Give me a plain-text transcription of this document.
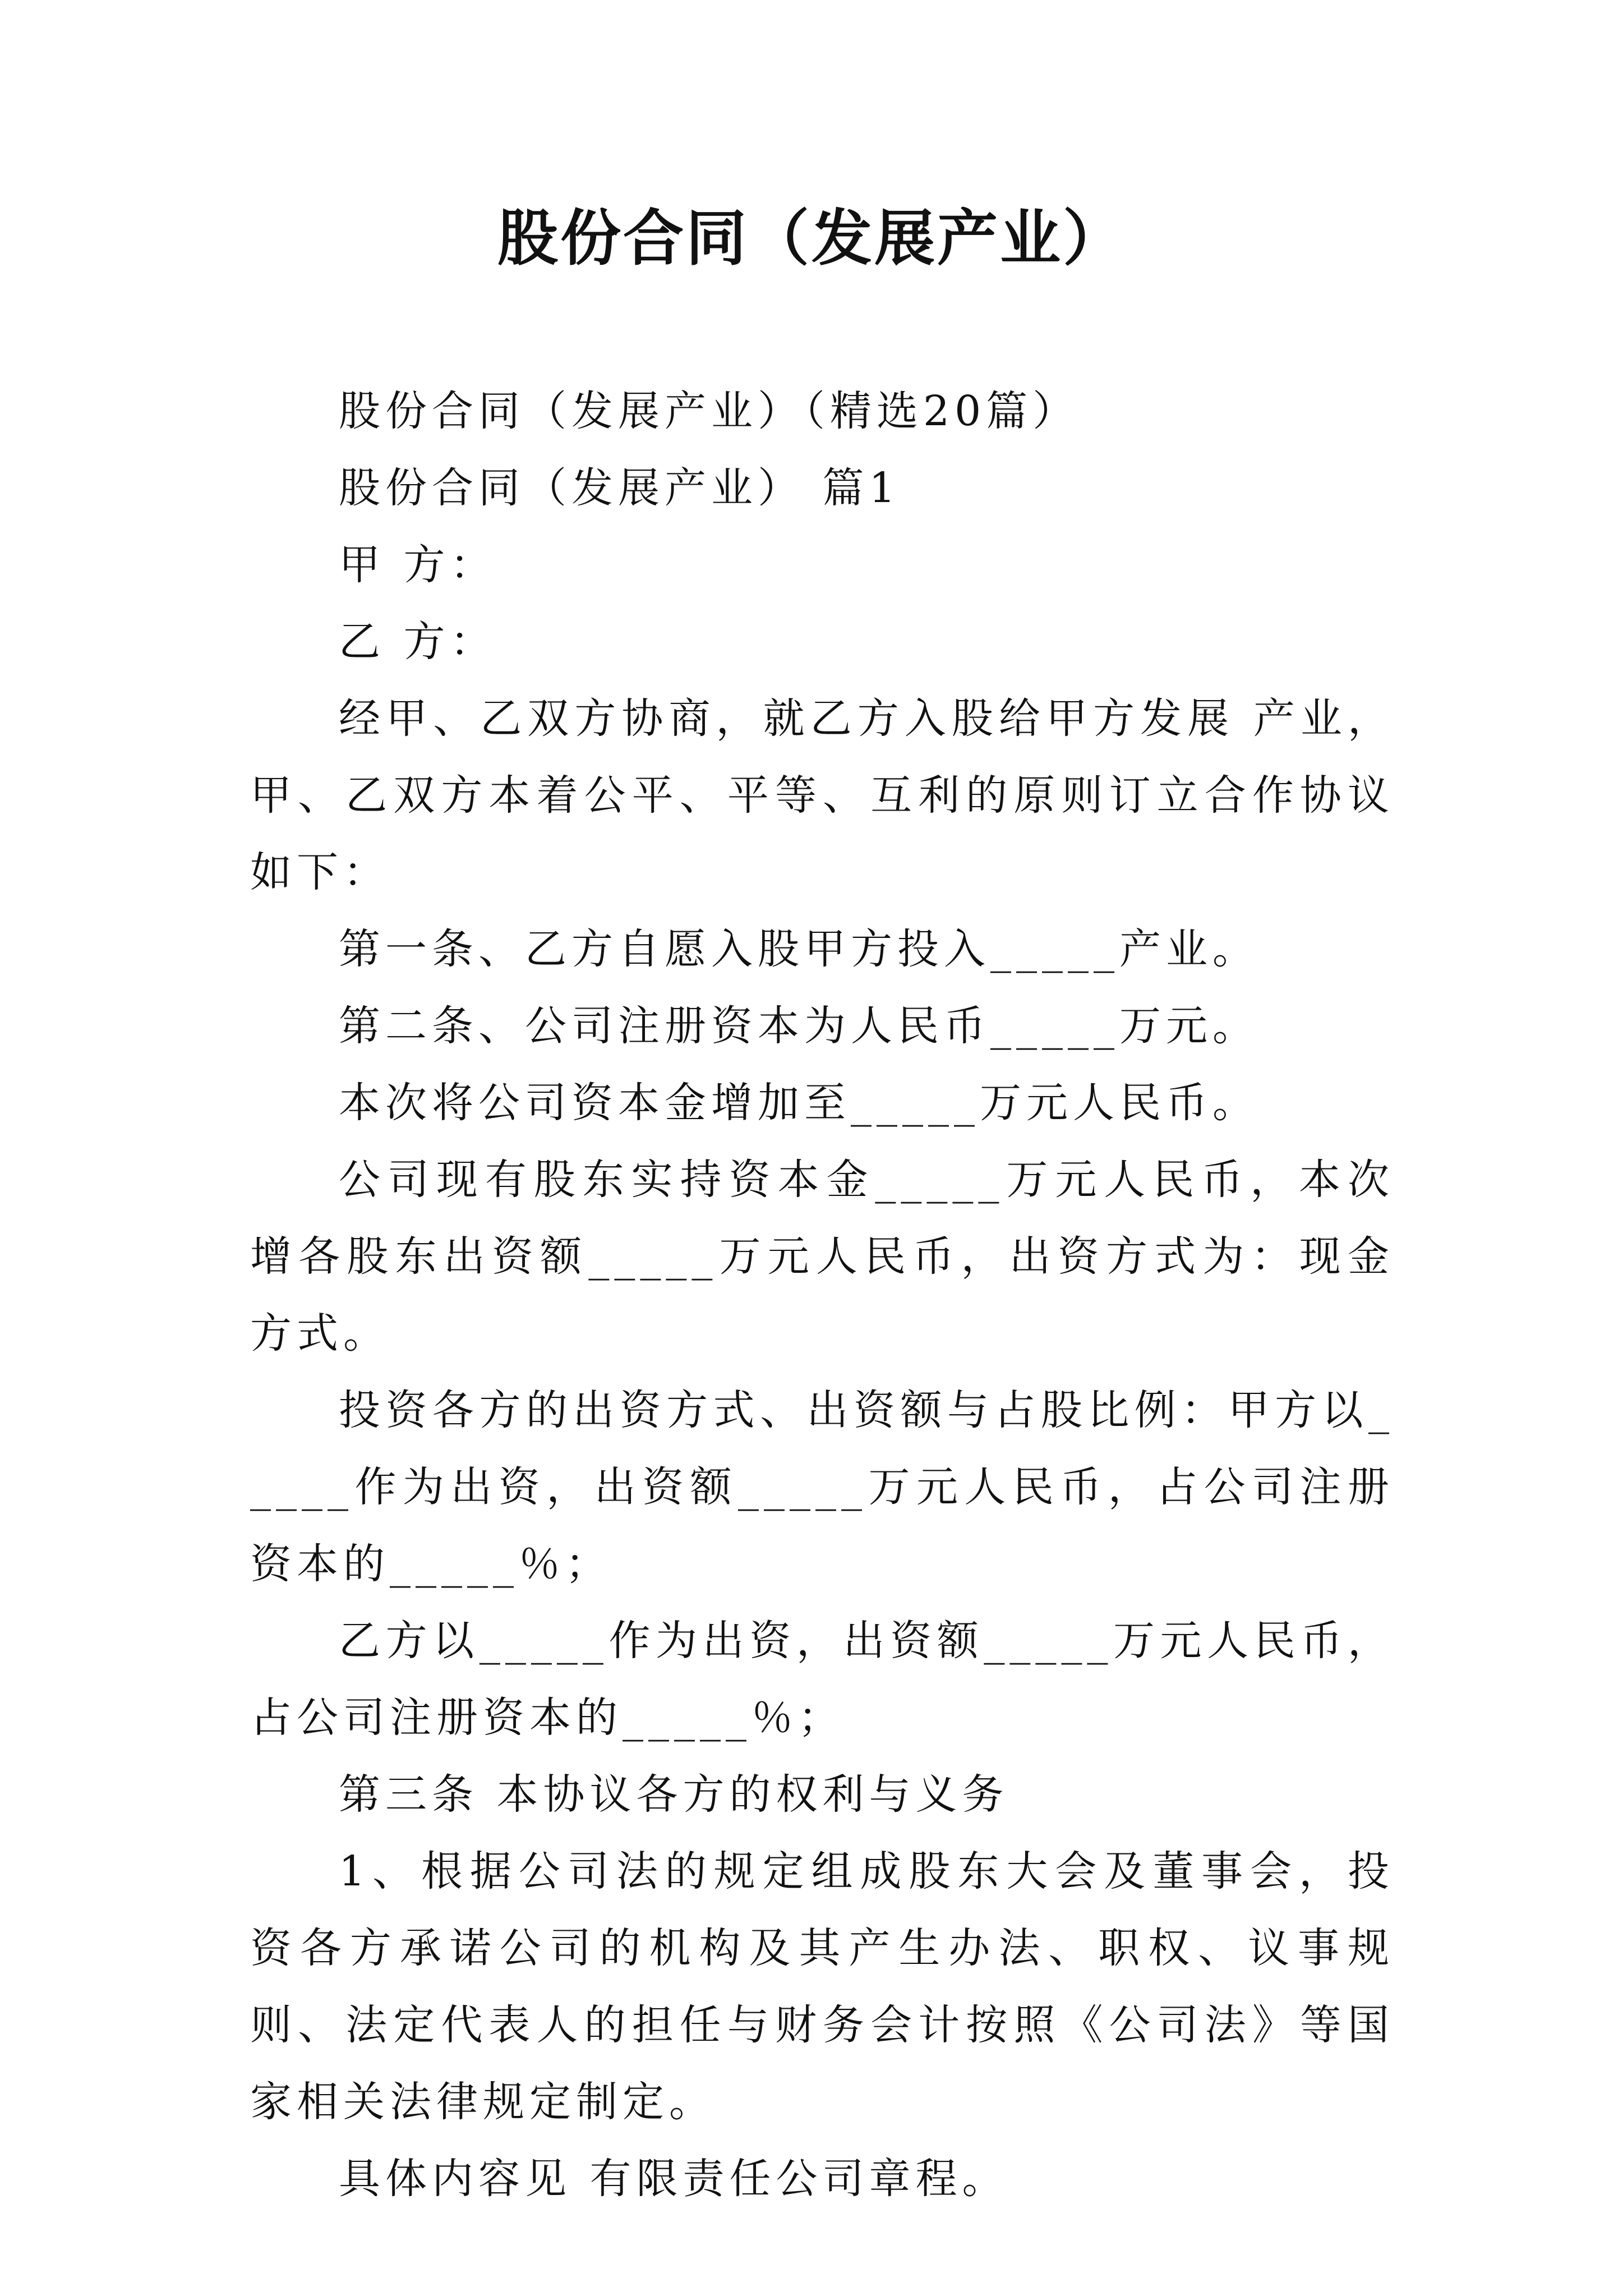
股份合同（发展产业）

股份合同（发展产业）（精选20篇）

股份合同（发展产业） 篇1

甲 方：

乙 方：

经甲、乙双方协商，就乙方入股给甲方发展 产业，甲、乙双方本着公平、平等、互利的原则订立合作协议如下：

第一条、乙方自愿入股甲方投入_____产业。

第二条、公司注册资本为人民币_____万元。

本次将公司资本金增加至_____万元人民币。

公司现有股东实持资本金_____万元人民币，本次增各股东出资额_____万元人民币，出资方式为：现金方式。

投资各方的出资方式、出资额与占股比例：甲方以_____作为出资，出资额_____万元人民币，占公司注册资本的_____％；

乙方以_____作为出资，出资额_____万元人民币，占公司注册资本的_____％；

第三条 本协议各方的权利与义务

1、根据公司法的规定组成股东大会及董事会，投资各方承诺公司的机构及其产生办法、职权、议事规则、法定代表人的担任与财务会计按照《公司法》等国家相关法律规定制定。

具体内容见 有限责任公司章程。
